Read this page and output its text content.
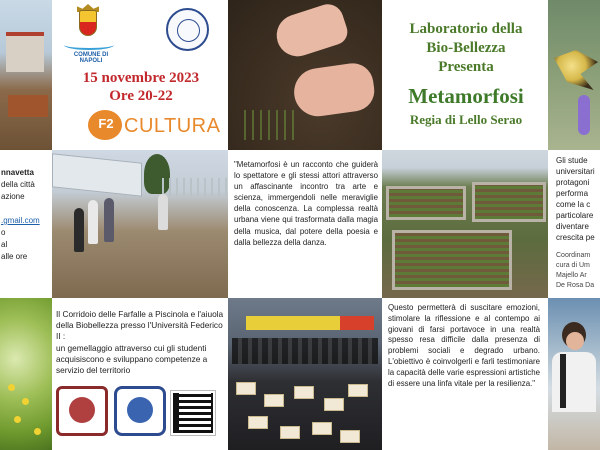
COMUNE DI NAPOLI
15 novembre 2023
Ore 20-22
F2 CULTURA
Laboratorio della
Bio-Bellezza
Presenta
Metamorfosi
Regia di Lello Serao
nnavetta
della città
azione
.gmail.com
o
al
alle ore
"Metamorfosi è un racconto che guiderà lo spettatore e gli stessi attori attraverso un affascinante incontro tra arte e scienza, immergendoli nelle meraviglie della conoscenza. La complessa realtà urbana viene qui trasformata dalla magia della musica, dal potere della poesia e dalla bellezza della danza.
Gli stude
universitari
protagoni
performa
come la c
particolare
diventare
crescita pe
Coordinam
cura di Um
Majello Ar
De Rosa Da
Il Corridoio delle Farfalle a Piscinola e l'aiuola della Biobellezza presso l'Università Federico II :
un gemellaggio attraverso cui gli studenti acquisiscono e sviluppano competenze a servizio del territorio
Questo permetterà di suscitare emozioni, stimolare la riflessione e al contempo ai giovani di farsi portavoce in una realtà spesso resa difficile dalla presenza di problemi sociali e degrado urbano. L'obiettivo è coinvolgerli e farli testimoniare la capacità delle varie espressioni artistiche di essere una linfa vitale per la resilienza."
